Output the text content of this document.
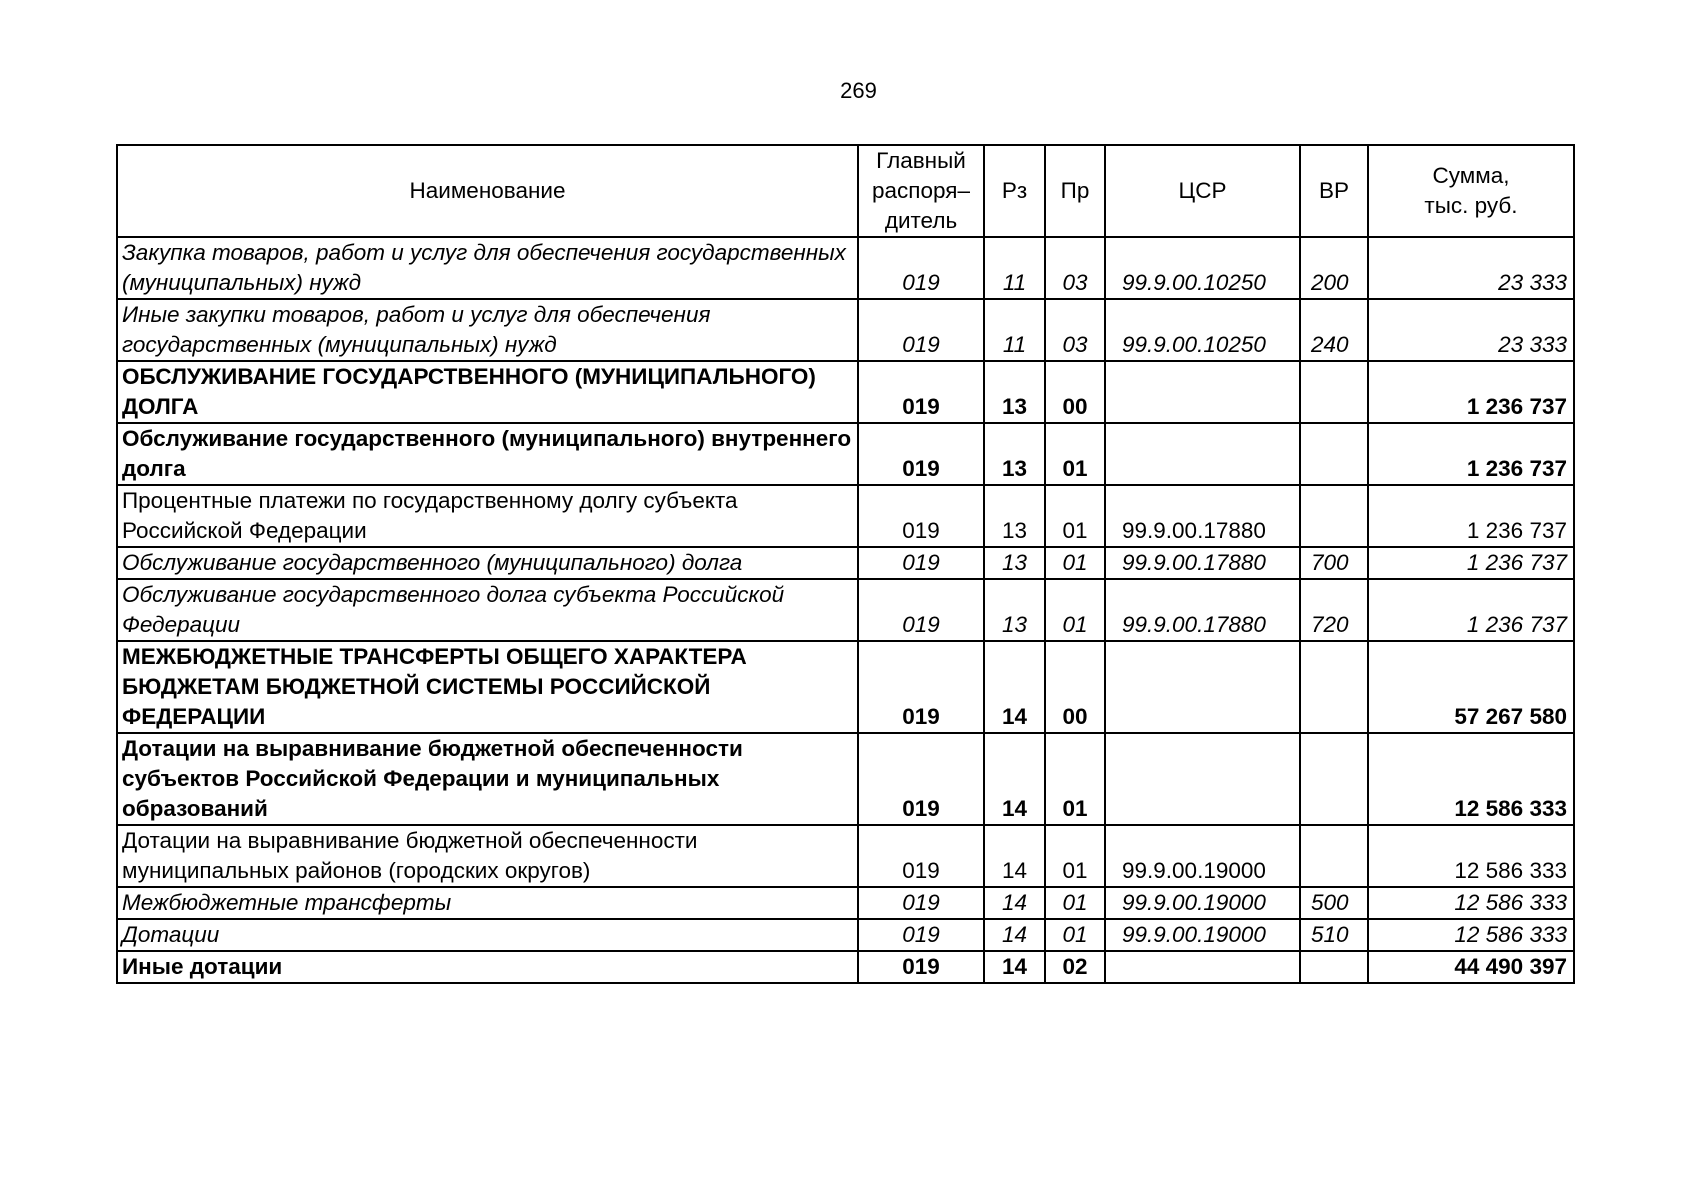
269
Наименование	Главный распоря–дитель	Рз	Пр	ЦСР	ВР	Сумма, тыс. руб.
Закупка товаров, работ и услуг для обеспечения государственных (муниципальных) нужд	019	11	03	99.9.00.10250	200	23 333
Иные закупки товаров, работ и услуг для обеспечения государственных (муниципальных) нужд	019	11	03	99.9.00.10250	240	23 333
ОБСЛУЖИВАНИЕ ГОСУДАРСТВЕННОГО (МУНИЦИПАЛЬНОГО) ДОЛГА	019	13	00			1 236 737
Обслуживание государственного (муниципального) внутреннего долга	019	13	01			1 236 737
Процентные платежи по государственному долгу субъекта Российской Федерации	019	13	01	99.9.00.17880		1 236 737
Обслуживание государственного (муниципального) долга	019	13	01	99.9.00.17880	700	1 236 737
Обслуживание государственного долга субъекта Российской Федерации	019	13	01	99.9.00.17880	720	1 236 737
МЕЖБЮДЖЕТНЫЕ ТРАНСФЕРТЫ ОБЩЕГО ХАРАКТЕРА БЮДЖЕТАМ БЮДЖЕТНОЙ СИСТЕМЫ РОССИЙСКОЙ ФЕДЕРАЦИИ	019	14	00			57 267 580
Дотации на выравнивание бюджетной обеспеченности субъектов Российской Федерации и муниципальных образований	019	14	01			12 586 333
Дотации на выравнивание бюджетной обеспеченности муниципальных районов (городских округов)	019	14	01	99.9.00.19000		12 586 333
Межбюджетные трансферты	019	14	01	99.9.00.19000	500	12 586 333
Дотации	019	14	01	99.9.00.19000	510	12 586 333
Иные дотации	019	14	02			44 490 397
